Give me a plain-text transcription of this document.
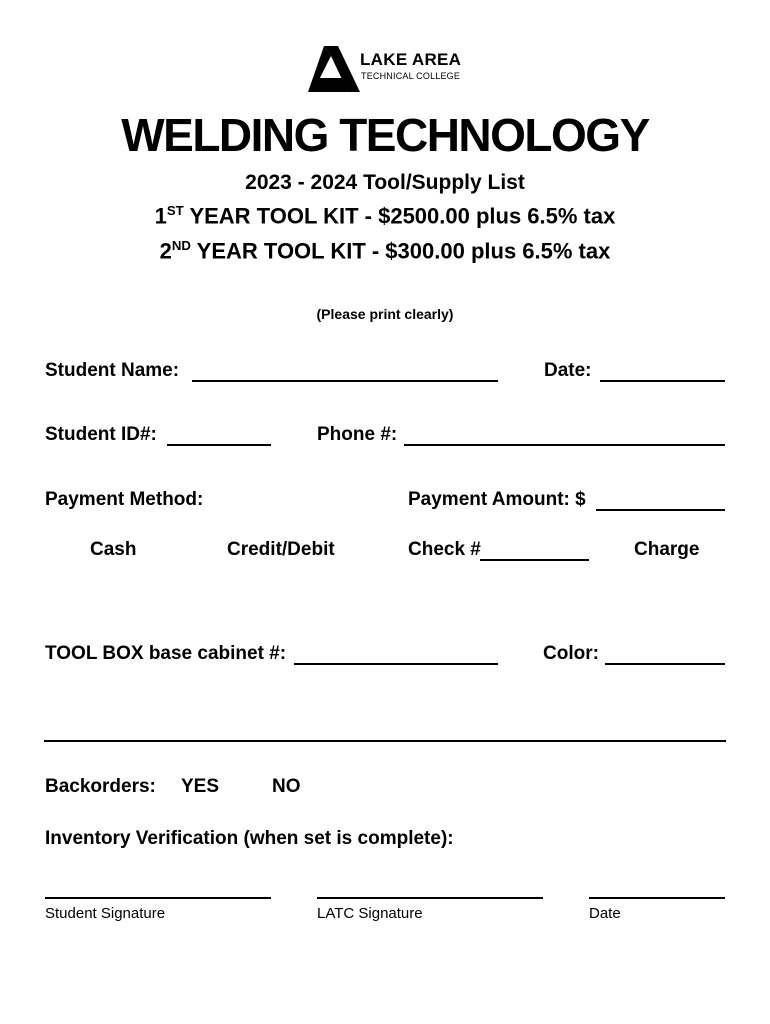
LAKE AREA
TECHNICAL COLLEGE
WELDING TECHNOLOGY
2023 - 2024 Tool/Supply List
1ST YEAR TOOL KIT - $2500.00 plus 6.5% tax
2ND YEAR TOOL KIT - $300.00 plus 6.5% tax
(Please print clearly)
Student Name:	Date:
Student ID#:	Phone #:
Payment Method:	Payment Amount: $
Cash	Credit/Debit	Check #	Charge
TOOL BOX base cabinet #:	Color:
Backorders: YES	NO
Inventory Verification (when set is complete):
Student Signature	LATC Signature	Date
